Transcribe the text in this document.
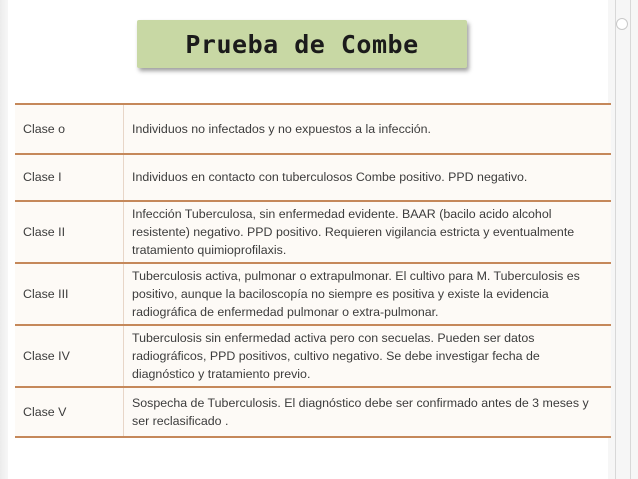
Prueba de Combe
Clase o	Individuos no infectados y no expuestos a la infección.
Clase I	Individuos en contacto con tuberculosos Combe positivo. PPD negativo.
Clase II	Infección Tuberculosa, sin enfermedad evidente. BAAR (bacilo acido alcohol resistente) negativo. PPD positivo. Requieren vigilancia estricta y eventualmente tratamiento quimioprofilaxis.
Clase III	Tuberculosis activa, pulmonar o extrapulmonar. El cultivo para M. Tuberculosis es positivo, aunque la baciloscopía no siempre es positiva y existe la evidencia radiográfica de enfermedad pulmonar o extra-pulmonar.
Clase IV	Tuberculosis sin enfermedad activa pero con secuelas. Pueden ser datos radiográficos, PPD positivos, cultivo negativo. Se debe investigar fecha de diagnóstico y tratamiento previo.
Clase V	Sospecha de Tuberculosis. El diagnóstico debe ser confirmado antes de 3 meses y ser reclasificado .
